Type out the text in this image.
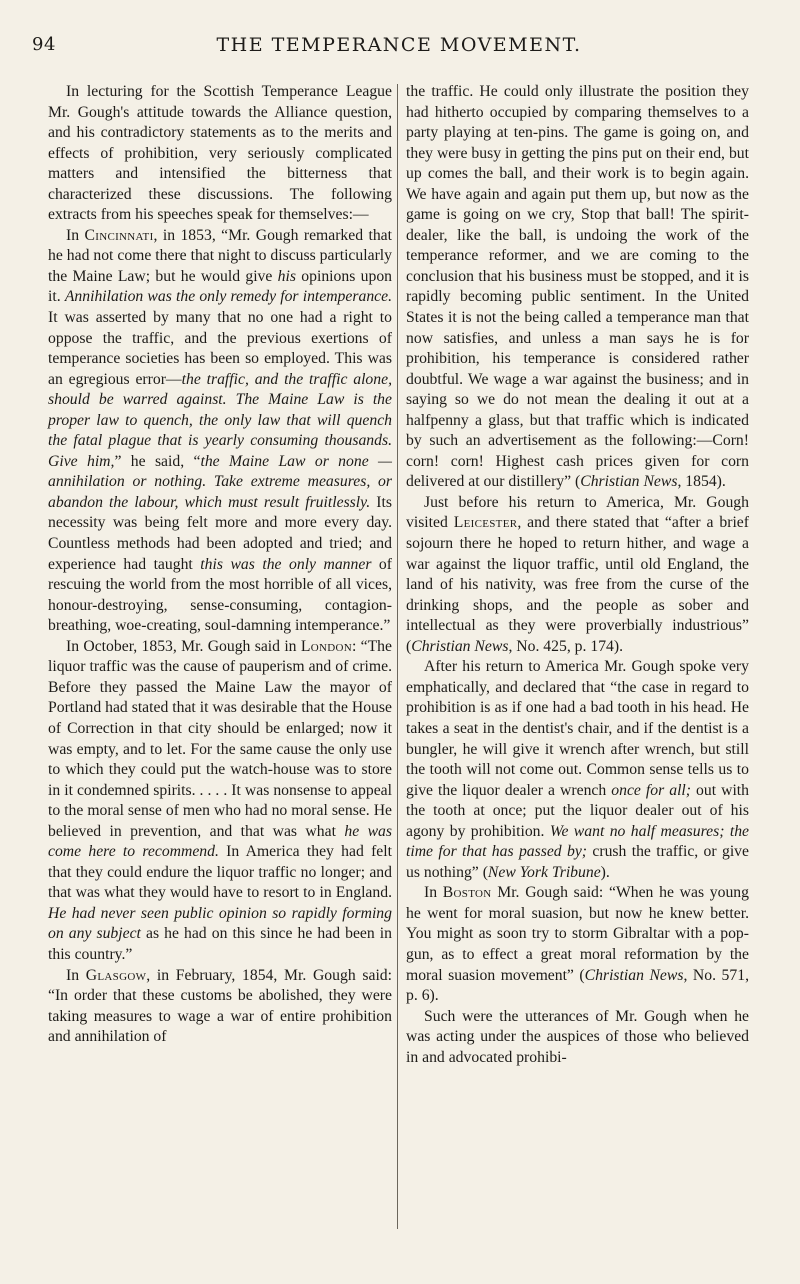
94	THE TEMPERANCE MOVEMENT.

In lecturing for the Scottish Temperance League Mr. Gough's attitude towards the Alliance question, and his contradictory statements as to the merits and effects of prohibition, very seriously complicated matters and intensified the bitterness that characterized these discussions. The following extracts from his speeches speak for themselves:—

In Cincinnati, in 1853, “Mr. Gough remarked that he had not come there that night to discuss particularly the Maine Law; but he would give his opinions upon it. Annihilation was the only remedy for intemperance. It was asserted by many that no one had a right to oppose the traffic, and the previous exertions of temperance societies has been so employed. This was an egregious error—the traffic, and the traffic alone, should be warred against. The Maine Law is the proper law to quench, the only law that will quench the fatal plague that is yearly consuming thousands. Give him,” he said, “the Maine Law or none —annihilation or nothing. Take extreme measures, or abandon the labour, which must result fruitlessly. Its necessity was being felt more and more every day. Countless methods had been adopted and tried; and experience had taught this was the only manner of rescuing the world from the most horrible of all vices, honour-destroying, sense-consuming, contagion-breathing, woe-creating, soul-damning intemperance.”

In October, 1853, Mr. Gough said in London: “The liquor traffic was the cause of pauperism and of crime. Before they passed the Maine Law the mayor of Portland had stated that it was desirable that the House of Correction in that city should be enlarged; now it was empty, and to let. For the same cause the only use to which they could put the watch-house was to store in it condemned spirits. . . . . It was nonsense to appeal to the moral sense of men who had no moral sense. He believed in prevention, and that was what he was come here to recommend. In America they had felt that they could endure the liquor traffic no longer; and that was what they would have to resort to in England. He had never seen public opinion so rapidly forming on any subject as he had on this since he had been in this country.”

In Glasgow, in February, 1854, Mr. Gough said: “In order that these customs be abolished, they were taking measures to wage a war of entire prohibition and annihilation of

the traffic. He could only illustrate the position they had hitherto occupied by comparing themselves to a party playing at ten-pins. The game is going on, and they were busy in getting the pins put on their end, but up comes the ball, and their work is to begin again. We have again and again put them up, but now as the game is going on we cry, Stop that ball! The spirit-dealer, like the ball, is undoing the work of the temperance reformer, and we are coming to the conclusion that his business must be stopped, and it is rapidly becoming public sentiment. In the United States it is not the being called a temperance man that now satisfies, and unless a man says he is for prohibition, his temperance is considered rather doubtful. We wage a war against the business; and in saying so we do not mean the dealing it out at a halfpenny a glass, but that traffic which is indicated by such an advertisement as the following:—Corn! corn! corn! Highest cash prices given for corn delivered at our distillery” (Christian News, 1854).

Just before his return to America, Mr. Gough visited Leicester, and there stated that “after a brief sojourn there he hoped to return hither, and wage a war against the liquor traffic, until old England, the land of his nativity, was free from the curse of the drinking shops, and the people as sober and intellectual as they were proverbially industrious” (Christian News, No. 425, p. 174).

After his return to America Mr. Gough spoke very emphatically, and declared that “the case in regard to prohibition is as if one had a bad tooth in his head. He takes a seat in the dentist's chair, and if the dentist is a bungler, he will give it wrench after wrench, but still the tooth will not come out. Common sense tells us to give the liquor dealer a wrench once for all; out with the tooth at once; put the liquor dealer out of his agony by prohibition. We want no half measures; the time for that has passed by; crush the traffic, or give us nothing” (New York Tribune).

In Boston Mr. Gough said: “When he was young he went for moral suasion, but now he knew better. You might as soon try to storm Gibraltar with a pop-gun, as to effect a great moral reformation by the moral suasion movement” (Christian News, No. 571, p. 6).

Such were the utterances of Mr. Gough when he was acting under the auspices of those who believed in and advocated prohibi-
